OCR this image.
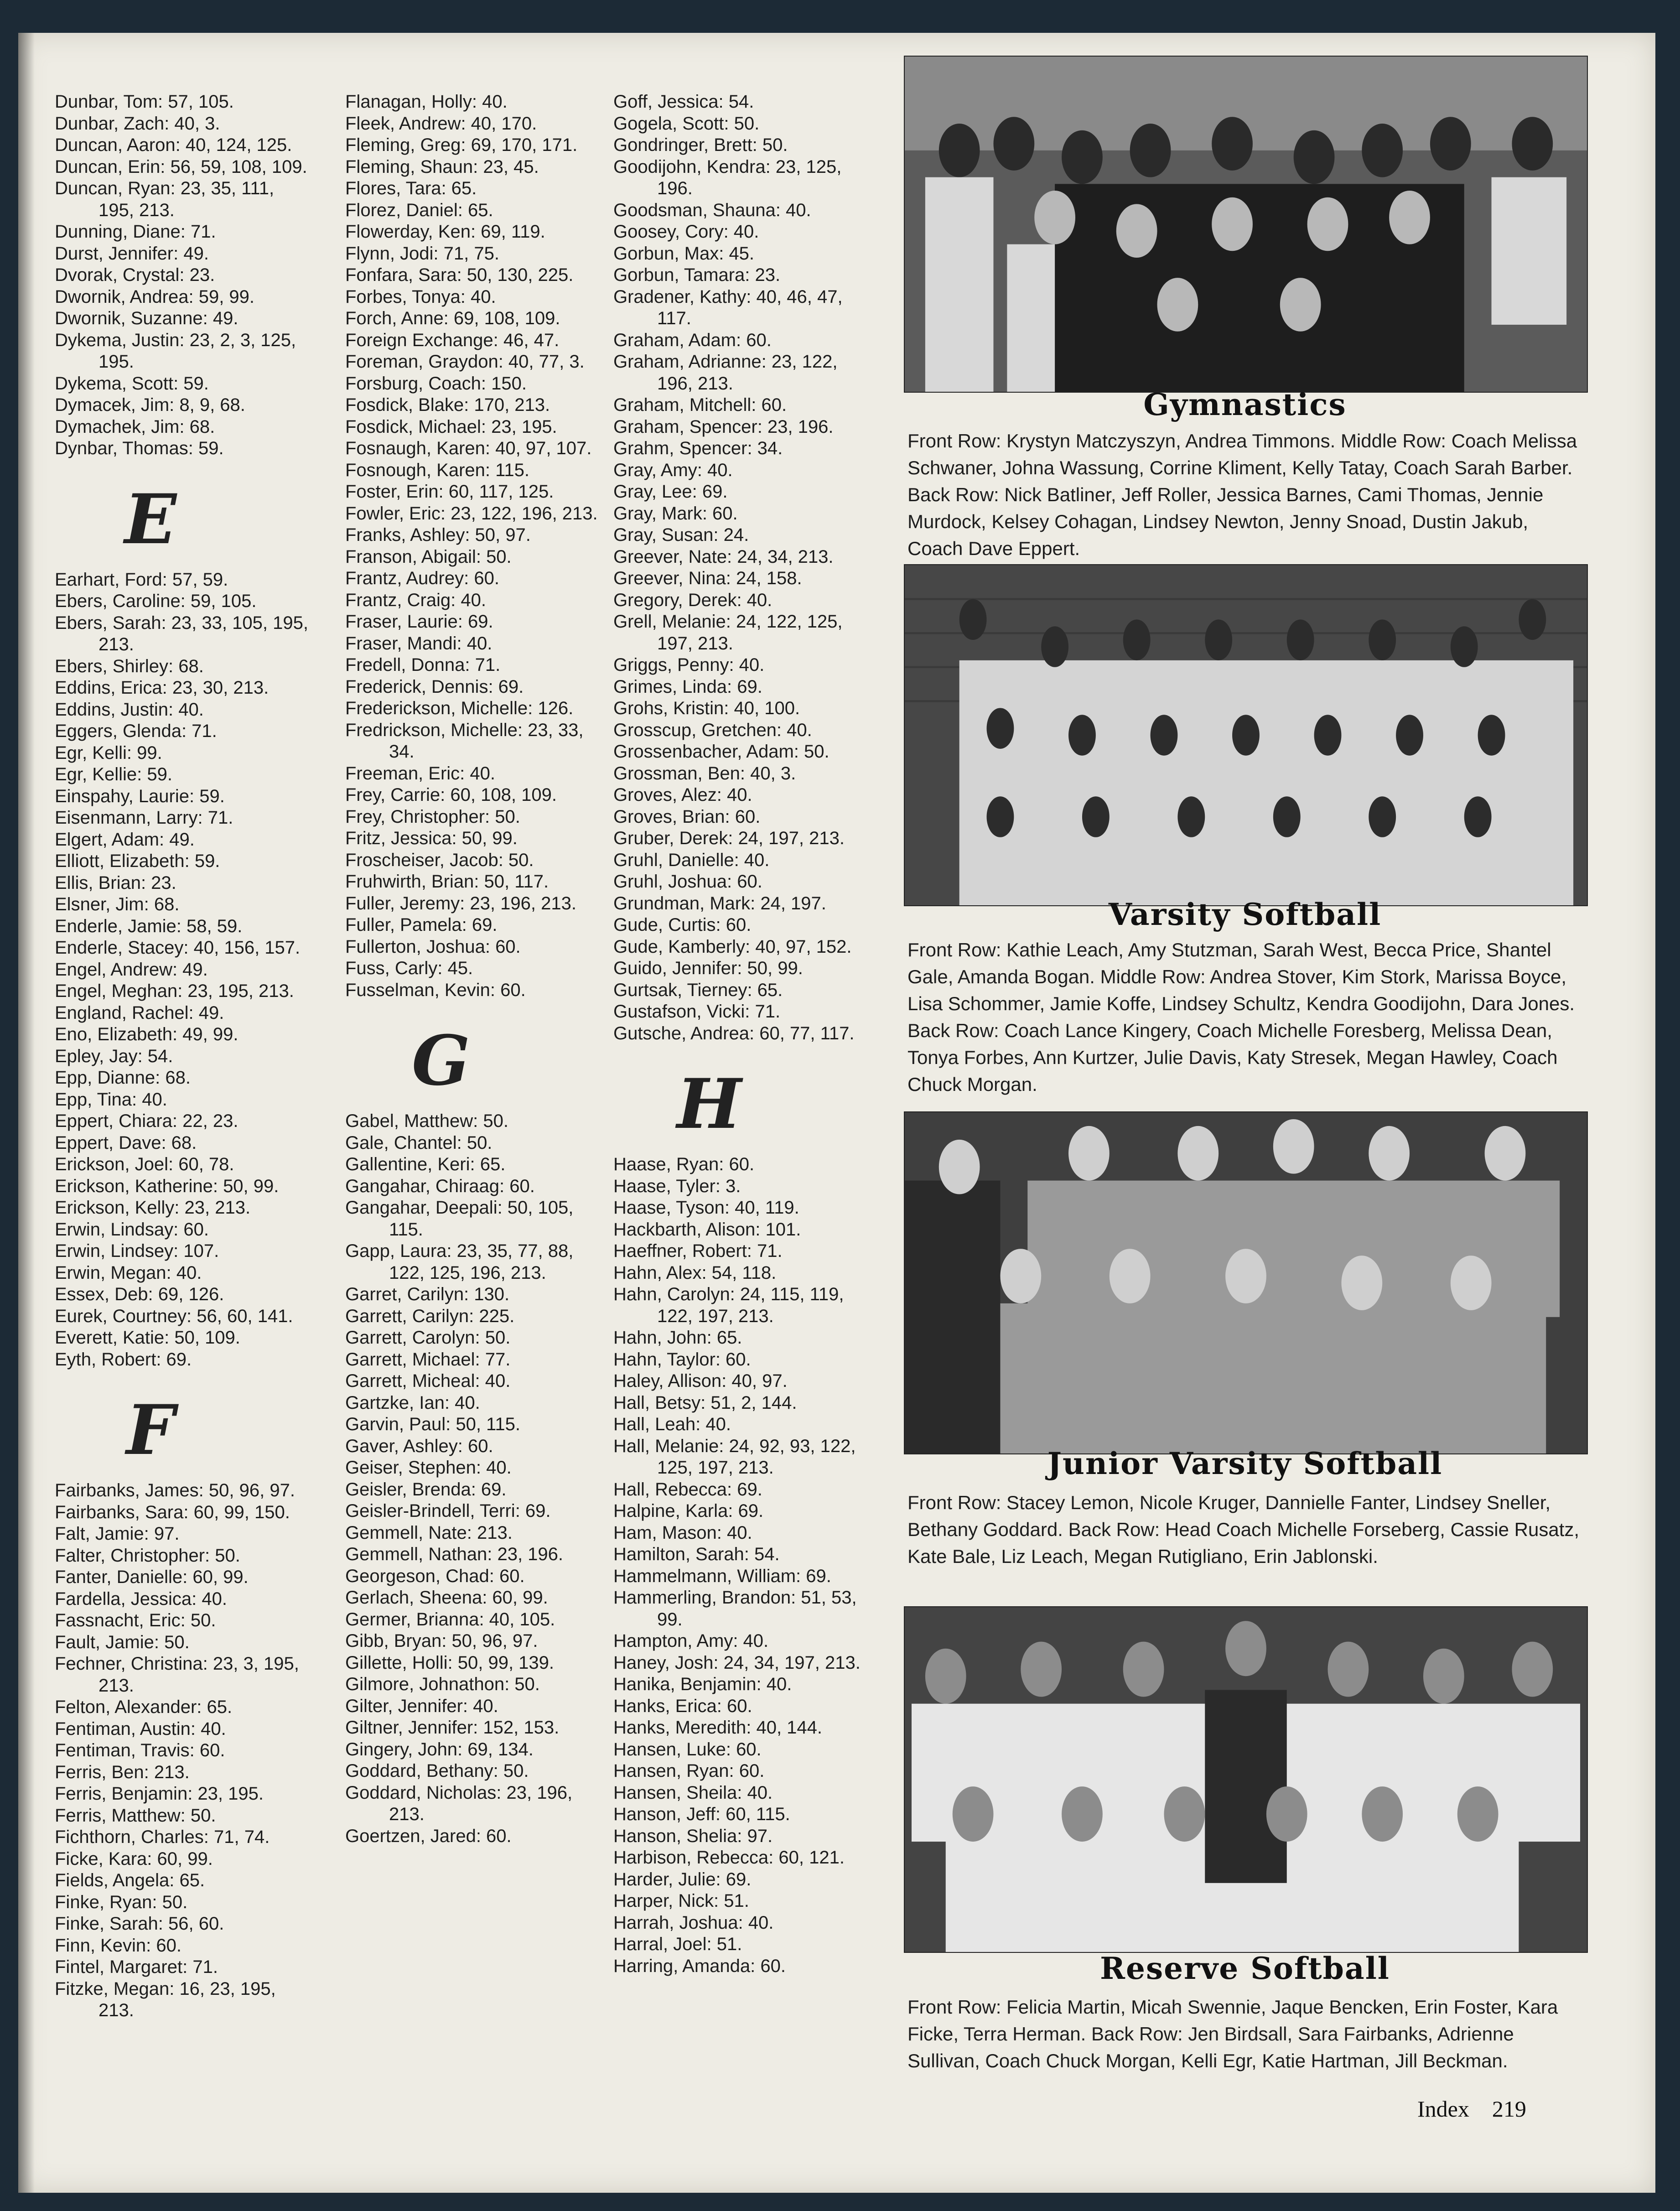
Dunbar, Tom: 57, 105.
Dunbar, Zach: 40, 3.
Duncan, Aaron: 40, 124, 125.
Duncan, Erin: 56, 59, 108, 109.
Duncan, Ryan: 23, 35, 111, 195, 213.
Dunning, Diane: 71.
Durst, Jennifer: 49.
Dvorak, Crystal: 23.
Dwornik, Andrea: 59, 99.
Dwornik, Suzanne: 49.
Dykema, Justin: 23, 2, 3, 125, 195.
Dykema, Scott: 59.
Dymacek, Jim: 8, 9, 68.
Dymachek, Jim: 68.
Dynbar, Thomas: 59.
E
Earhart, Ford: 57, 59.
Ebers, Caroline: 59, 105.
Ebers, Sarah: 23, 33, 105, 195, 213.
Ebers, Shirley: 68.
Eddins, Erica: 23, 30, 213.
Eddins, Justin: 40.
Eggers, Glenda: 71.
Egr, Kelli: 99.
Egr, Kellie: 59.
Einspahy, Laurie: 59.
Eisenmann, Larry: 71.
Elgert, Adam: 49.
Elliott, Elizabeth: 59.
Ellis, Brian: 23.
Elsner, Jim: 68.
Enderle, Jamie: 58, 59.
Enderle, Stacey: 40, 156, 157.
Engel, Andrew: 49.
Engel, Meghan: 23, 195, 213.
England, Rachel: 49.
Eno, Elizabeth: 49, 99.
Epley, Jay: 54.
Epp, Dianne: 68.
Epp, Tina: 40.
Eppert, Chiara: 22, 23.
Eppert, Dave: 68.
Erickson, Joel: 60, 78.
Erickson, Katherine: 50, 99.
Erickson, Kelly: 23, 213.
Erwin, Lindsay: 60.
Erwin, Lindsey: 107.
Erwin, Megan: 40.
Essex, Deb: 69, 126.
Eurek, Courtney: 56, 60, 141.
Everett, Katie: 50, 109.
Eyth, Robert: 69.
F
Fairbanks, James: 50, 96, 97.
Fairbanks, Sara: 60, 99, 150.
Falt, Jamie: 97.
Falter, Christopher: 50.
Fanter, Danielle: 60, 99.
Fardella, Jessica: 40.
Fassnacht, Eric: 50.
Fault, Jamie: 50.
Fechner, Christina: 23, 3, 195, 213.
Felton, Alexander: 65.
Fentiman, Austin: 40.
Fentiman, Travis: 60.
Ferris, Ben: 213.
Ferris, Benjamin: 23, 195.
Ferris, Matthew: 50.
Fichthorn, Charles: 71, 74.
Ficke, Kara: 60, 99.
Fields, Angela: 65.
Finke, Ryan: 50.
Finke, Sarah: 56, 60.
Finn, Kevin: 60.
Fintel, Margaret: 71.
Fitzke, Megan: 16, 23, 195, 213.
Flanagan, Holly: 40.
Fleek, Andrew: 40, 170.
Fleming, Greg: 69, 170, 171.
Fleming, Shaun: 23, 45.
Flores, Tara: 65.
Florez, Daniel: 65.
Flowerday, Ken: 69, 119.
Flynn, Jodi: 71, 75.
Fonfara, Sara: 50, 130, 225.
Forbes, Tonya: 40.
Forch, Anne: 69, 108, 109.
Foreign Exchange: 46, 47.
Foreman, Graydon: 40, 77, 3.
Forsburg, Coach: 150.
Fosdick, Blake: 170, 213.
Fosdick, Michael: 23, 195.
Fosnaugh, Karen: 40, 97, 107.
Fosnough, Karen: 115.
Foster, Erin: 60, 117, 125.
Fowler, Eric: 23, 122, 196, 213.
Franks, Ashley: 50, 97.
Franson, Abigail: 50.
Frantz, Audrey: 60.
Frantz, Craig: 40.
Fraser, Laurie: 69.
Fraser, Mandi: 40.
Fredell, Donna: 71.
Frederick, Dennis: 69.
Frederickson, Michelle: 126.
Fredrickson, Michelle: 23, 33, 34.
Freeman, Eric: 40.
Frey, Carrie: 60, 108, 109.
Frey, Christopher: 50.
Fritz, Jessica: 50, 99.
Froscheiser, Jacob: 50.
Fruhwirth, Brian: 50, 117.
Fuller, Jeremy: 23, 196, 213.
Fuller, Pamela: 69.
Fullerton, Joshua: 60.
Fuss, Carly: 45.
Fusselman, Kevin: 60.
G
Gabel, Matthew: 50.
Gale, Chantel: 50.
Gallentine, Keri: 65.
Gangahar, Chiraag: 60.
Gangahar, Deepali: 50, 105, 115.
Gapp, Laura: 23, 35, 77, 88, 122, 125, 196, 213.
Garret, Carilyn: 130.
Garrett, Carilyn: 225.
Garrett, Carolyn: 50.
Garrett, Michael: 77.
Garrett, Micheal: 40.
Gartzke, Ian: 40.
Garvin, Paul: 50, 115.
Gaver, Ashley: 60.
Geiser, Stephen: 40.
Geisler, Brenda: 69.
Geisler-Brindell, Terri: 69.
Gemmell, Nate: 213.
Gemmell, Nathan: 23, 196.
Georgeson, Chad: 60.
Gerlach, Sheena: 60, 99.
Germer, Brianna: 40, 105.
Gibb, Bryan: 50, 96, 97.
Gillette, Holli: 50, 99, 139.
Gilmore, Johnathon: 50.
Gilter, Jennifer: 40.
Giltner, Jennifer: 152, 153.
Gingery, John: 69, 134.
Goddard, Bethany: 50.
Goddard, Nicholas: 23, 196, 213.
Goertzen, Jared: 60.
Goff, Jessica: 54.
Gogela, Scott: 50.
Gondringer, Brett: 50.
Goodijohn, Kendra: 23, 125, 196.
Goodsman, Shauna: 40.
Goosey, Cory: 40.
Gorbun, Max: 45.
Gorbun, Tamara: 23.
Gradener, Kathy: 40, 46, 47, 117.
Graham, Adam: 60.
Graham, Adrianne: 23, 122, 196, 213.
Graham, Mitchell: 60.
Graham, Spencer: 23, 196.
Grahm, Spencer: 34.
Gray, Amy: 40.
Gray, Lee: 69.
Gray, Mark: 60.
Gray, Susan: 24.
Greever, Nate: 24, 34, 213.
Greever, Nina: 24, 158.
Gregory, Derek: 40.
Grell, Melanie: 24, 122, 125, 197, 213.
Griggs, Penny: 40.
Grimes, Linda: 69.
Grohs, Kristin: 40, 100.
Grosscup, Gretchen: 40.
Grossenbacher, Adam: 50.
Grossman, Ben: 40, 3.
Groves, Alez: 40.
Groves, Brian: 60.
Gruber, Derek: 24, 197, 213.
Gruhl, Danielle: 40.
Gruhl, Joshua: 60.
Grundman, Mark: 24, 197.
Gude, Curtis: 60.
Gude, Kamberly: 40, 97, 152.
Guido, Jennifer: 50, 99.
Gurtsak, Tierney: 65.
Gustafson, Vicki: 71.
Gutsche, Andrea: 60, 77, 117.
H
Haase, Ryan: 60.
Haase, Tyler: 3.
Haase, Tyson: 40, 119.
Hackbarth, Alison: 101.
Haeffner, Robert: 71.
Hahn, Alex: 54, 118.
Hahn, Carolyn: 24, 115, 119, 122, 197, 213.
Hahn, John: 65.
Hahn, Taylor: 60.
Haley, Allison: 40, 97.
Hall, Betsy: 51, 2, 144.
Hall, Leah: 40.
Hall, Melanie: 24, 92, 93, 122, 125, 197, 213.
Hall, Rebecca: 69.
Halpine, Karla: 69.
Ham, Mason: 40.
Hamilton, Sarah: 54.
Hammelmann, William: 69.
Hammerling, Brandon: 51, 53, 99.
Hampton, Amy: 40.
Haney, Josh: 24, 34, 197, 213.
Hanika, Benjamin: 40.
Hanks, Erica: 60.
Hanks, Meredith: 40, 144.
Hansen, Luke: 60.
Hansen, Ryan: 60.
Hansen, Sheila: 40.
Hanson, Jeff: 60, 115.
Hanson, Shelia: 97.
Harbison, Rebecca: 60, 121.
Harder, Julie: 69.
Harper, Nick: 51.
Harrah, Joshua: 40.
Harral, Joel: 51.
Harring, Amanda: 60.
Gymnastics
Front Row: Krystyn Matczyszyn, Andrea Timmons. Middle Row: Coach Melissa Schwaner, Johna Wassung, Corrine Kliment, Kelly Tatay, Coach Sarah Barber. Back Row: Nick Batliner, Jeff Roller, Jessica Barnes, Cami Thomas, Jennie Murdock, Kelsey Cohagan, Lindsey Newton, Jenny Snoad, Dustin Jakub, Coach Dave Eppert.
Varsity Softball
Front Row: Kathie Leach, Amy Stutzman, Sarah West, Becca Price, Shantel Gale, Amanda Bogan. Middle Row: Andrea Stover, Kim Stork, Marissa Boyce, Lisa Schommer, Jamie Koffe, Lindsey Schultz, Kendra Goodijohn, Dara Jones. Back Row: Coach Lance Kingery, Coach Michelle Foresberg, Melissa Dean, Tonya Forbes, Ann Kurtzer, Julie Davis, Katy Stresek, Megan Hawley, Coach Chuck Morgan.
Junior Varsity Softball
Front Row: Stacey Lemon, Nicole Kruger, Dannielle Fanter, Lindsey Sneller, Bethany Goddard. Back Row: Head Coach Michelle Forseberg, Cassie Rusatz, Kate Bale, Liz Leach, Megan Rutigliano, Erin Jablonski.
Reserve Softball
Front Row: Felicia Martin, Micah Swennie, Jaque Bencken, Erin Foster, Kara Ficke, Terra Herman. Back Row: Jen Birdsall, Sara Fairbanks, Adrienne Sullivan, Coach Chuck Morgan, Kelli Egr, Katie Hartman, Jill Beckman.
Index 219
